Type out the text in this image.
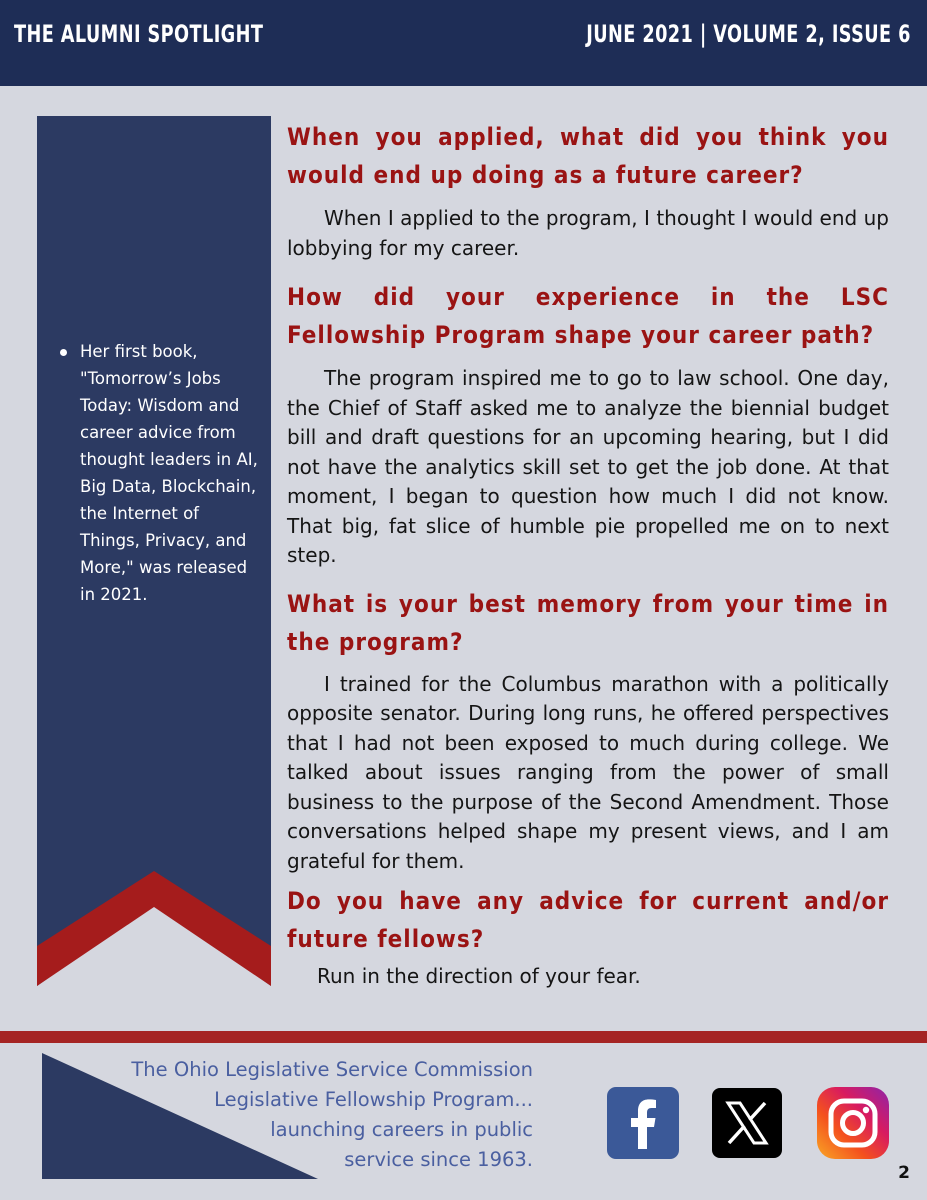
THE ALUMNI SPOTLIGHT	JUNE 2021 | VOLUME 2, ISSUE 6
Her first book, "Tomorrow’s Jobs Today: Wisdom and career advice from thought leaders in AI, Big Data, Blockchain, the Internet of Things, Privacy, and More," was released in 2021.

When you applied, what did you think you would end up doing as a future career?

When I applied to the program, I thought I would end up lobbying for my career.

How did your experience in the LSC Fellowship Program shape your career path?

The program inspired me to go to law school. One day, the Chief of Staff asked me to analyze the biennial budget bill and draft questions for an upcoming hearing, but I did not have the analytics skill set to get the job done. At that moment, I began to question how much I did not know. That big, fat slice of humble pie propelled me on to next step.

What is your best memory from your time in the program?

I trained for the Columbus marathon with a politically opposite senator. During long runs, he offered perspectives that I had not been exposed to much during college. We talked about issues ranging from the power of small business to the purpose of the Second Amendment. Those conversations helped shape my present views, and I am grateful for them.

Do you have any advice for current and/or future fellows?

Run in the direction of your fear.

The Ohio Legislative Service Commission
Legislative Fellowship Program...
launching careers in public
service since 1963.
2
